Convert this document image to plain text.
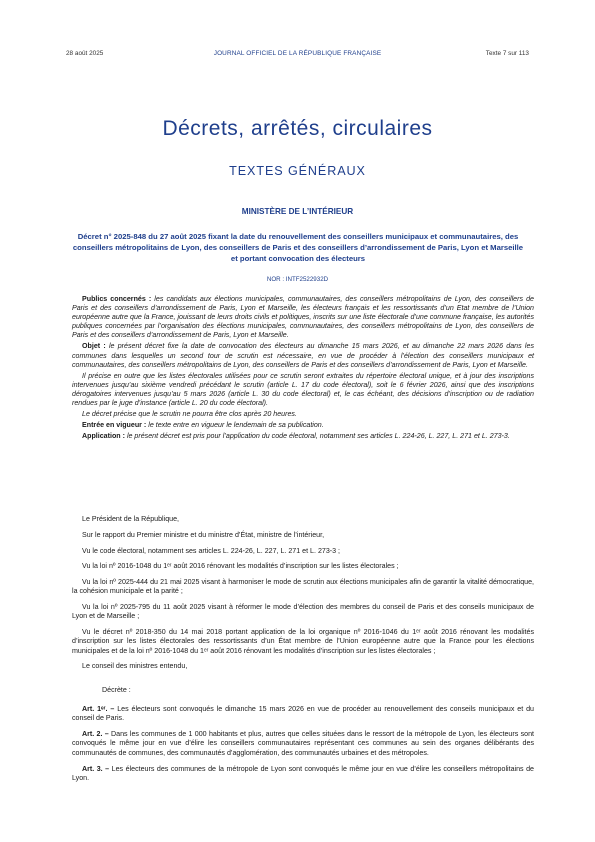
28 août 2025	JOURNAL OFFICIEL DE LA RÉPUBLIQUE FRANÇAISE	Texte 7 sur 113
Décrets, arrêtés, circulaires
TEXTES GÉNÉRAUX
MINISTÈRE DE L’INTÉRIEUR
Décret n° 2025-848 du 27 août 2025 fixant la date du renouvellement des conseillers municipaux et communautaires, des conseillers métropolitains de Lyon, des conseillers de Paris et des conseillers d’arrondissement de Paris, Lyon et Marseille et portant convocation des électeurs
NOR : INTF2522932D

Publics concernés : les candidats aux élections municipales, communautaires, des conseillers métropolitains de Lyon, des conseillers de Paris et des conseillers d’arrondissement de Paris, Lyon et Marseille, les électeurs français et les ressortissants d’un Etat membre de l’Union européenne autre que la France, jouissant de leurs droits civils et politiques, inscrits sur une liste électorale d’une commune française, les autorités publiques concernées par l’organisation des élections municipales, communautaires, des conseillers métropolitains de Lyon, des conseillers de Paris et des conseillers d’arrondissement de Paris, Lyon et Marseille.

Objet : le présent décret fixe la date de convocation des électeurs au dimanche 15 mars 2026, et au dimanche 22 mars 2026 dans les communes dans lesquelles un second tour de scrutin est nécessaire, en vue de procéder à l’élection des conseillers municipaux et communautaires, des conseillers métropolitains de Lyon, des conseillers de Paris et des conseillers d’arrondissement de Paris, Lyon et Marseille.

Il précise en outre que les listes électorales utilisées pour ce scrutin seront extraites du répertoire électoral unique, et à jour des inscriptions intervenues jusqu’au sixième vendredi précédant le scrutin (article L. 17 du code électoral), soit le 6 février 2026, ainsi que des inscriptions dérogatoires intervenues jusqu’au 5 mars 2026 (article L. 30 du code électoral) et, le cas échéant, des décisions d’inscription ou de radiation rendues par le juge d’instance (article L. 20 du code électoral).

Le décret précise que le scrutin ne pourra être clos après 20 heures.

Entrée en vigueur : le texte entre en vigueur le lendemain de sa publication.

Application : le présent décret est pris pour l’application du code électoral, notamment ses articles L. 224-26, L. 227, L. 271 et L. 273-3.

Le Président de la République,

Sur le rapport du Premier ministre et du ministre d’État, ministre de l’intérieur,

Vu le code électoral, notamment ses articles L. 224-26, L. 227, L. 271 et L. 273-3 ;

Vu la loi nº 2016-1048 du 1ᵉʳ août 2016 rénovant les modalités d’inscription sur les listes électorales ;

Vu la loi nº 2025-444 du 21 mai 2025 visant à harmoniser le mode de scrutin aux élections municipales afin de garantir la vitalité démocratique, la cohésion municipale et la parité ;

Vu la loi nº 2025-795 du 11 août 2025 visant à réformer le mode d’élection des membres du conseil de Paris et des conseils municipaux de Lyon et de Marseille ;

Vu le décret nº 2018-350 du 14 mai 2018 portant application de la loi organique nº 2016-1046 du 1ᵉʳ août 2016 rénovant les modalités d’inscription sur les listes électorales des ressortissants d’un État membre de l’Union européenne autre que la France pour les élections municipales et de la loi nº 2016-1048 du 1ᵉʳ août 2016 rénovant les modalités d’inscription sur les listes électorales ;

Le conseil des ministres entendu,

Décrète :

Art. 1ᵉʳ. – Les électeurs sont convoqués le dimanche 15 mars 2026 en vue de procéder au renouvellement des conseils municipaux et du conseil de Paris.

Art. 2. – Dans les communes de 1 000 habitants et plus, autres que celles situées dans le ressort de la métropole de Lyon, les électeurs sont convoqués le même jour en vue d’élire les conseillers communautaires représentant ces communes au sein des organes délibérants des communautés de communes, des communautés d’agglomération, des communautés urbaines et des métropoles.

Art. 3. – Les électeurs des communes de la métropole de Lyon sont convoqués le même jour en vue d’élire les conseillers métropolitains de Lyon.
